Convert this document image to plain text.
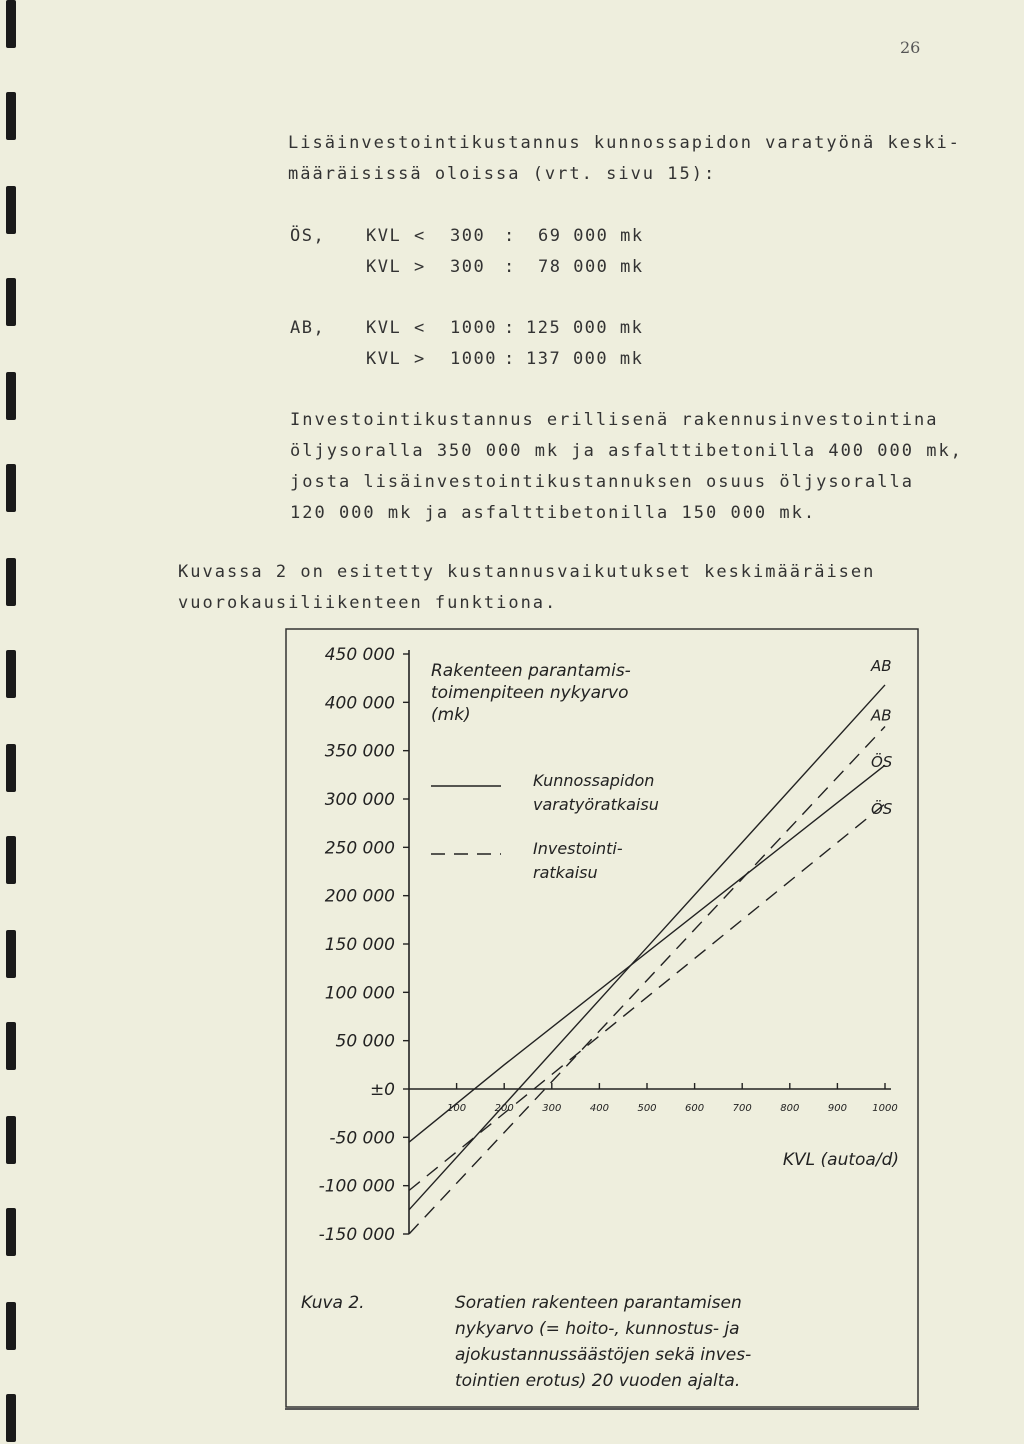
26
Lisäinvestointikustannus kunnossapidon varatyönä keski-
määräisissä oloissa (vrt. sivu 15):
ÖS, KVL < 300 : 69 000 mk
KVL > 300 : 78 000 mk
AB, KVL < 1000 : 125 000 mk
KVL > 1000 : 137 000 mk
Investointikustannus erillisenä rakennusinvestointina
öljysoralla 350 000 mk ja asfalttibetonilla 400 000 mk,
josta lisäinvestointikustannuksen osuus öljysoralla
120 000 mk ja asfalttibetonilla 150 000 mk.
Kuvassa 2 on esitetty kustannusvaikutukset keskimääräisen
vuorokausiliikenteen funktiona.
450 000
400 000
350 000
300 000
250 000
200 000
150 000
100 000
50 000
±0
-50 000
-100 000
-150 000
100	200	300	400	500	600	700	800	900	1000
KVL (autoa/d)
Rakenteen parantamis-
toimenpiteen nykyarvo
(mk)
Kunnossapidon
varatyöratkaisu
Investointi-
ratkaisu
AB
ÖS
AB
ÖS
Kuva 2.	Soratien rakenteen parantamisen
nykyarvo (= hoito-, kunnostus- ja
ajokustannussäästöjen sekä inves-
tointien erotus) 20 vuoden ajalta.
